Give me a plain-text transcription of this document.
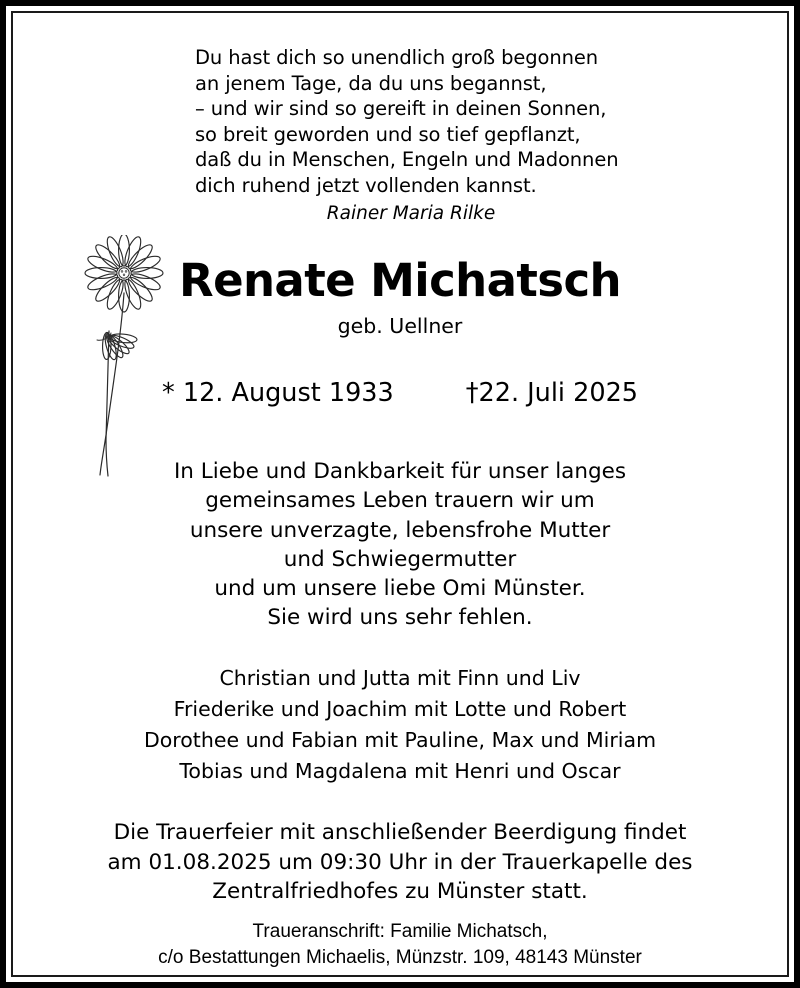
Du hast dich so unendlich groß begonnen
an jenem Tage, da du uns begannst,
– und wir sind so gereift in deinen Sonnen,
so breit geworden und so tief gepflanzt,
daß du in Menschen, Engeln und Madonnen
dich ruhend jetzt vollenden kannst.
Rainer Maria Rilke
Renate Michatsch
geb. Uellner
* 12. August 1933	†22. Juli 2025
In Liebe und Dankbarkeit für unser langes
gemeinsames Leben trauern wir um
unsere unverzagte, lebensfrohe Mutter
und Schwiegermutter
und um unsere liebe Omi Münster.
Sie wird uns sehr fehlen.
Christian und Jutta mit Finn und Liv
Friederike und Joachim mit Lotte und Robert
Dorothee und Fabian mit Pauline, Max und Miriam
Tobias und Magdalena mit Henri und Oscar
Die Trauerfeier mit anschließender Beerdigung findet
am 01.08.2025 um 09:30 Uhr in der Trauerkapelle des
Zentralfriedhofes zu Münster statt.
Traueranschrift: Familie Michatsch,
c/o Bestattungen Michaelis, Münzstr. 109, 48143 Münster
